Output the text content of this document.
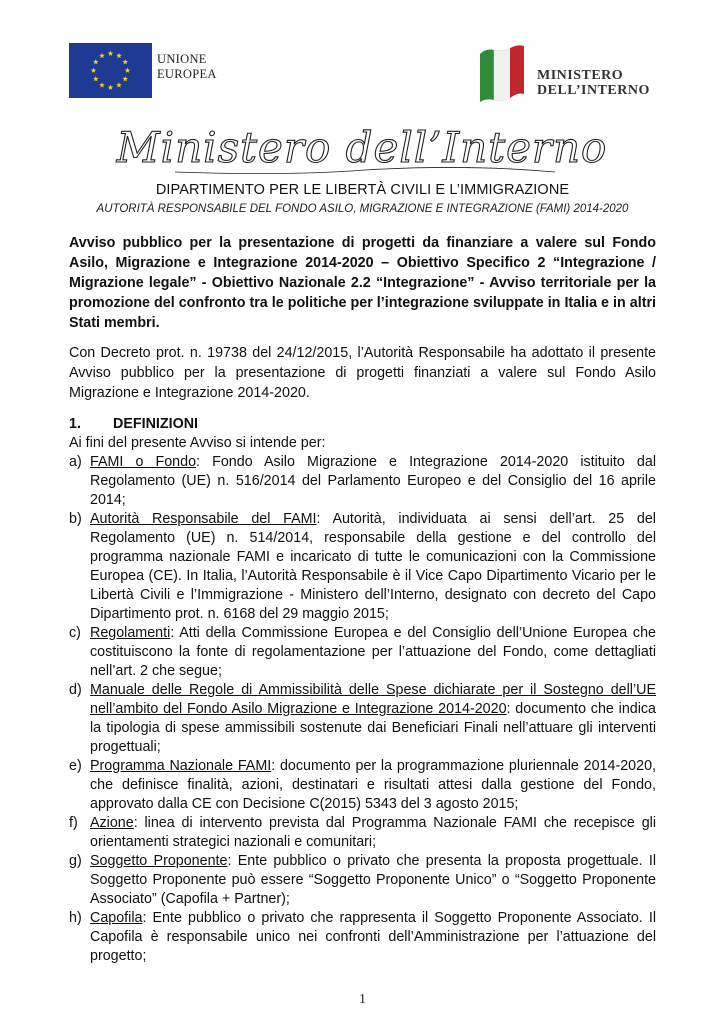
UNIONE
EUROPEA	MINISTERO
DELL’INTERNO
Ministero dell’Interno
DIPARTIMENTO PER LE LIBERTÀ CIVILI E L’IMMIGRAZIONE
AUTORITÀ RESPONSABILE DEL FONDO ASILO, MIGRAZIONE E INTEGRAZIONE (FAMI) 2014-2020
Avviso pubblico per la presentazione di progetti da finanziare a valere sul Fondo Asilo, Migrazione e Integrazione 2014-2020 – Obiettivo Specifico 2 “Integrazione / Migrazione legale” - Obiettivo Nazionale 2.2 “Integrazione” - Avviso territoriale per la promozione del confronto tra le politiche per l’integrazione sviluppate in Italia e in altri Stati membri.
Con Decreto prot. n. 19738 del 24/12/2015, l’Autorità Responsabile ha adottato il presente Avviso pubblico per la presentazione di progetti finanziati a valere sul Fondo Asilo Migrazione e Integrazione 2014-2020.
1. DEFINIZIONI
Ai fini del presente Avviso si intende per:
a) FAMI o Fondo: Fondo Asilo Migrazione e Integrazione 2014-2020 istituito dal Regolamento (UE) n. 516/2014 del Parlamento Europeo e del Consiglio del 16 aprile 2014;
b) Autorità Responsabile del FAMI: Autorità, individuata ai sensi dell’art. 25 del Regolamento (UE) n. 514/2014, responsabile della gestione e del controllo del programma nazionale FAMI e incaricato di tutte le comunicazioni con la Commissione Europea (CE). In Italia, l’Autorità Responsabile è il Vice Capo Dipartimento Vicario per le Libertà Civili e l’Immigrazione - Ministero dell’Interno, designato con decreto del Capo Dipartimento prot. n. 6168 del 29 maggio 2015;
c) Regolamenti: Atti della Commissione Europea e del Consiglio dell’Unione Europea che costituiscono la fonte di regolamentazione per l’attuazione del Fondo, come dettagliati nell’art. 2 che segue;
d) Manuale delle Regole di Ammissibilità delle Spese dichiarate per il Sostegno dell’UE nell’ambito del Fondo Asilo Migrazione e Integrazione 2014-2020: documento che indica la tipologia di spese ammissibili sostenute dai Beneficiari Finali nell’attuare gli interventi progettuali;
e) Programma Nazionale FAMI: documento per la programmazione pluriennale 2014-2020, che definisce finalità, azioni, destinatari e risultati attesi dalla gestione del Fondo, approvato dalla CE con Decisione C(2015) 5343 del 3 agosto 2015;
f) Azione: linea di intervento prevista dal Programma Nazionale FAMI che recepisce gli orientamenti strategici nazionali e comunitari;
g) Soggetto Proponente: Ente pubblico o privato che presenta la proposta progettuale. Il Soggetto Proponente può essere “Soggetto Proponente Unico” o “Soggetto Proponente Associato” (Capofila + Partner);
h) Capofila: Ente pubblico o privato che rappresenta il Soggetto Proponente Associato. Il Capofila è responsabile unico nei confronti dell’Amministrazione per l’attuazione del progetto;
1
